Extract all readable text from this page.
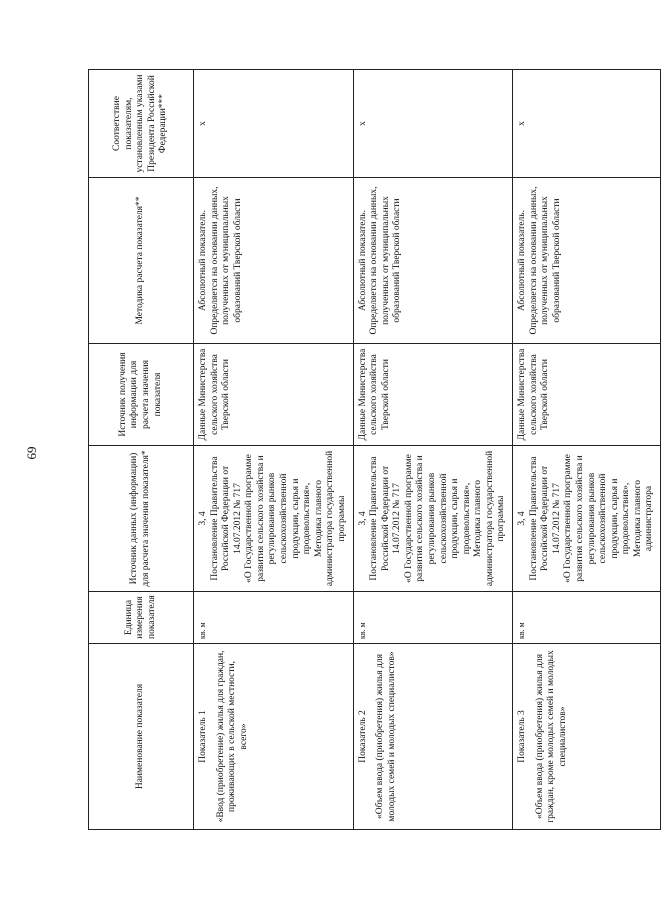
69
Наименование показателя	Единица измерения показателя	Источник данных (информации) для расчета значения показателя*	Источник получения информации для расчета значения показателя	Методика расчета показателя**	Соответствие показателям, установленным указами Президента Российской Федерации***

Показатель 1 «Ввод (приобретение) жилья для граждан, проживающих в сельской местности, всего»	кв. м	3, 4 Постановление Правительства Российской Федерации от 14.07.2012 № 717 «О Государственной программе развития сельского хозяйства и регулирования рынков сельскохозяйственной продукции, сырья и продовольствия», Методика главного администратора государственной программы	Данные Министерства сельского хозяйства Тверской области	Абсолютный показатель. Определяется на основании данных, полученных от муниципальных образований Тверской области	х

Показатель 2 «Объем ввода (приобретения) жилья для молодых семей и молодых специалистов»	кв. м	3, 4 Постановление Правительства Российской Федерации от 14.07.2012 № 717 «О Государственной программе развития сельского хозяйства и регулирования рынков сельскохозяйственной продукции, сырья и продовольствия», Методика главного администратора государственной программы	Данные Министерства сельского хозяйства Тверской области	Абсолютный показатель. Определяется на основании данных, полученных от муниципальных образований Тверской области	х

Показатель 3 «Объем ввода (приобретения) жилья для граждан, кроме молодых семей и молодых специалистов»	кв. м	3, 4 Постановление Правительства Российской Федерации от 14.07.2012 № 717 «О Государственной программе развития сельского хозяйства и регулирования рынков сельскохозяйственной продукции, сырья и продовольствия», Методика главного администратора	Данные Министерства сельского хозяйства Тверской области	Абсолютный показатель. Определяется на основании данных, полученных от муниципальных образований Тверской области	х
